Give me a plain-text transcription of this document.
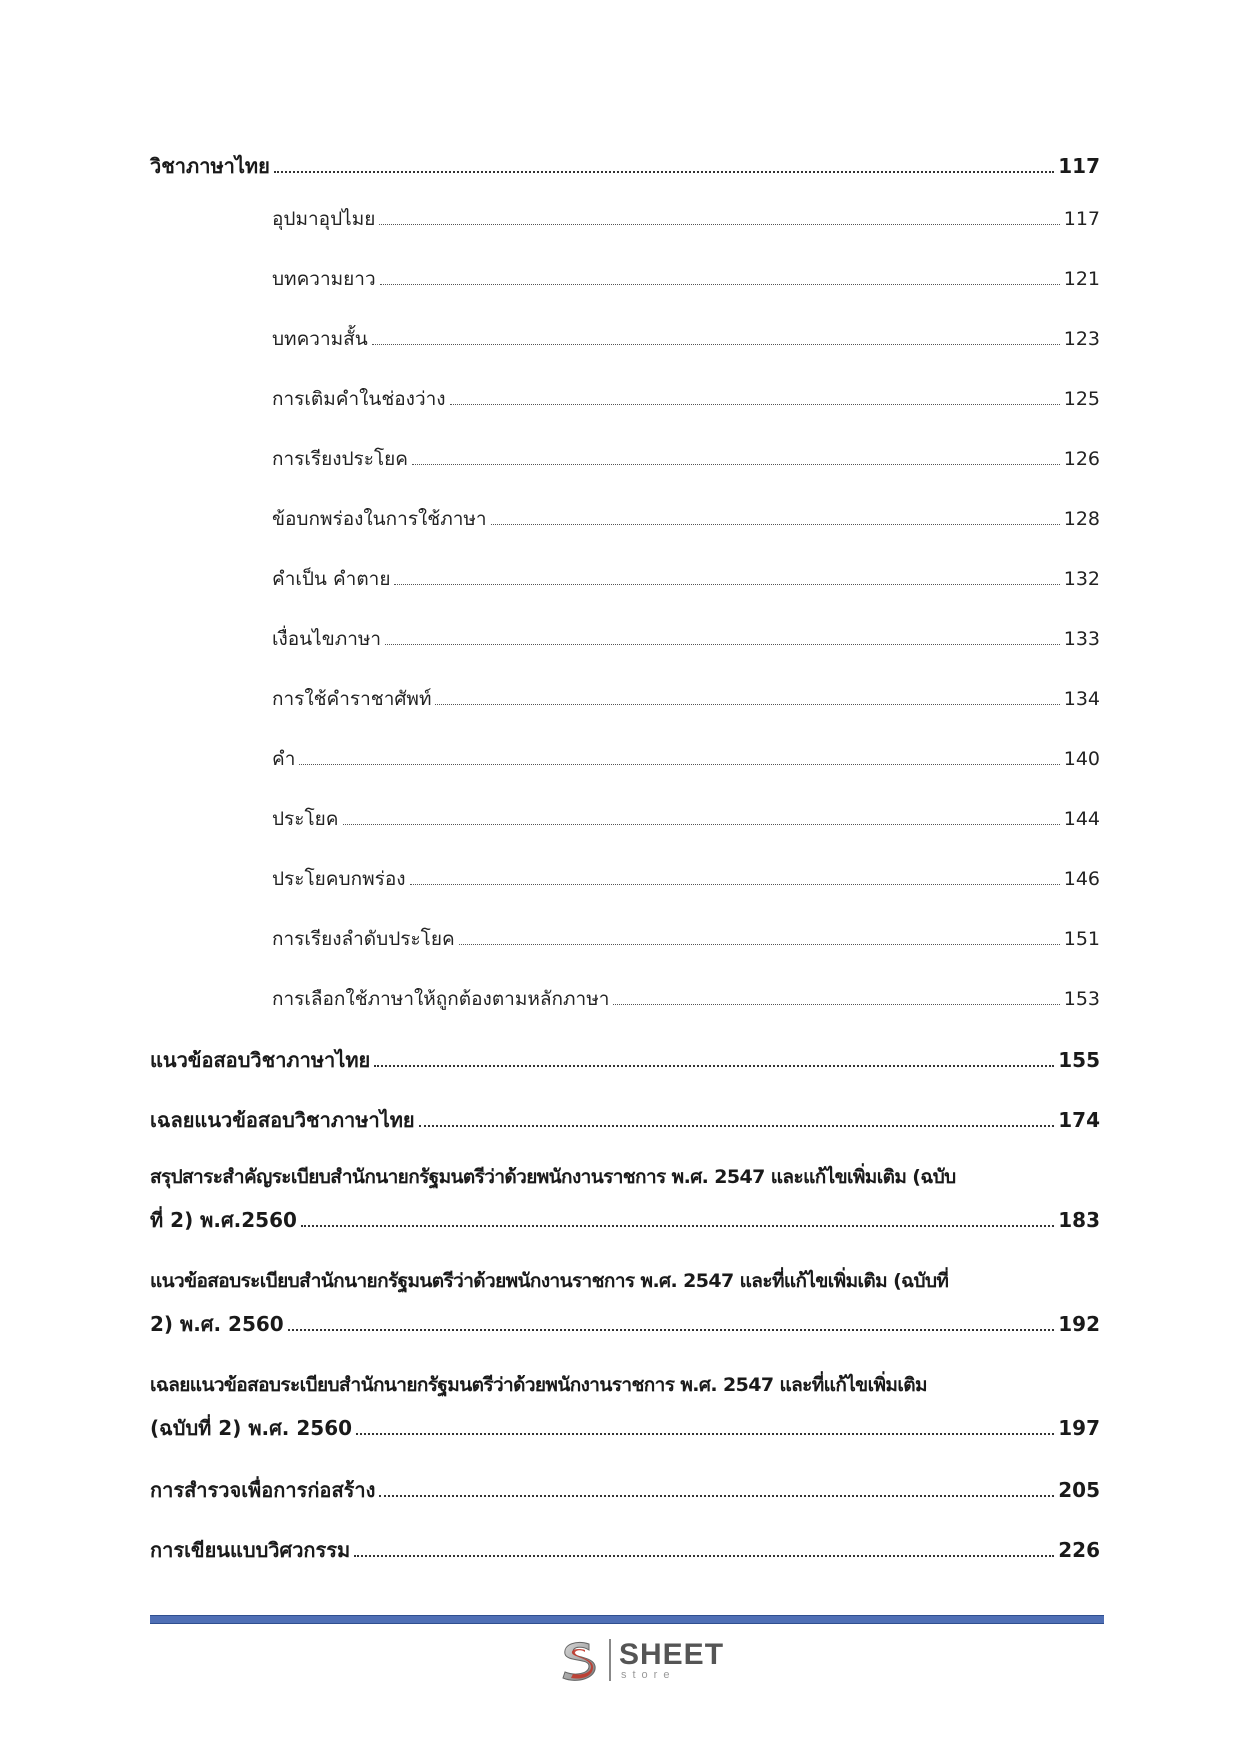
วิชาภาษาไทย	117
อุปมาอุปไมย	117
บทความยาว	121
บทความสั้น	123
การเติมคำในช่องว่าง	125
การเรียงประโยค	126
ข้อบกพร่องในการใช้ภาษา	128
คำเป็น คำตาย	132
เงื่อนไขภาษา	133
การใช้คำราชาศัพท์	134
คำ	140
ประโยค	144
ประโยคบกพร่อง	146
การเรียงลำดับประโยค	151
การเลือกใช้ภาษาให้ถูกต้องตามหลักภาษา	153
แนวข้อสอบวิชาภาษาไทย	155
เฉลยแนวข้อสอบวิชาภาษาไทย	174
สรุปสาระสำคัญระเบียบสำนักนายกรัฐมนตรีว่าด้วยพนักงานราชการ พ.ศ. 2547 และแก้ไขเพิ่มเติม (ฉบับ
ที่ 2) พ.ศ.2560	183
แนวข้อสอบระเบียบสำนักนายกรัฐมนตรีว่าด้วยพนักงานราชการ พ.ศ. 2547 และที่แก้ไขเพิ่มเติม (ฉบับที่
2) พ.ศ. 2560	192
เฉลยแนวข้อสอบระเบียบสำนักนายกรัฐมนตรีว่าด้วยพนักงานราชการ พ.ศ. 2547 และที่แก้ไขเพิ่มเติม
(ฉบับที่ 2) พ.ศ. 2560	197
การสำรวจเพื่อการก่อสร้าง	205
การเขียนแบบวิศวกรรม	226
SHEET
store
